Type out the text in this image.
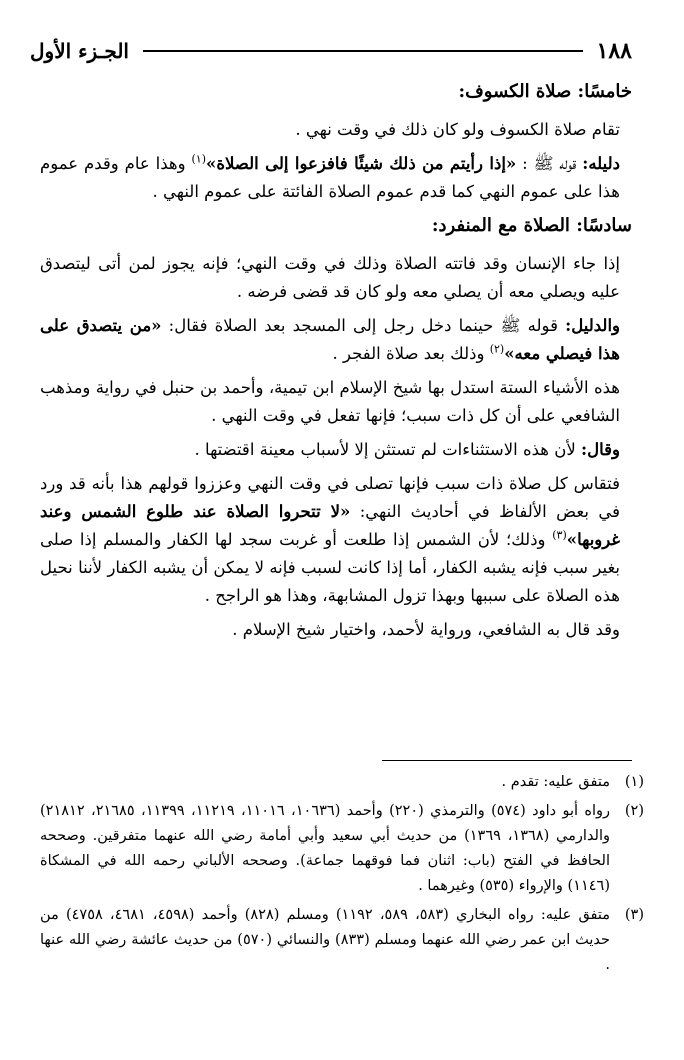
١٨٨
الجـزء الأول
خامسًا: صلاة الكسوف:

تقام صلاة الكسوف ولو كان ذلك في وقت نهي .

دليله: قوله ﷺ : «إذا رأيتم من ذلك شيئًا فافزعوا إلى الصلاة»$^{(١)}$ وهذا عام وقدم عموم هذا على عموم النهي كما قدم عموم الصلاة الفائتة على عموم النهي .

سادسًا: الصلاة مع المنفرد:

إذا جاء الإنسان وقد فاتته الصلاة وذلك في وقت النهي؛ فإنه يجوز لمن أتى ليتصدق عليه ويصلي معه أن يصلي معه ولو كان قد قضى فرضه .

والدليل: قوله ﷺ حينما دخل رجل إلى المسجد بعد الصلاة فقال: «من يتصدق على هذا فيصلي معه»$^{(٢)}$ وذلك بعد صلاة الفجر .

هذه الأشياء الستة استدل بها شيخ الإسلام ابن تيمية، وأحمد بن حنبل في رواية ومذهب الشافعي على أن كل ذات سبب؛ فإنها تفعل في وقت النهي .

وقال: لأن هذه الاستثناءات لم تستثن إلا لأسباب معينة اقتضتها .

فتقاس كل صلاة ذات سبب فإنها تصلى في وقت النهي وعززوا قولهم هذا بأنه قد ورد في بعض الألفاظ في أحاديث النهي: «لا تتحروا الصلاة عند طلوع الشمس وعند غروبها»$^{(٣)}$ وذلك؛ لأن الشمس إذا طلعت أو غربت سجد لها الكفار والمسلم إذا صلى بغير سبب فإنه يشبه الكفار، أما إذا كانت لسبب فإنه لا يمكن أن يشبه الكفار لأننا نحيل هذه الصلاة على سببها وبهذا تزول المشابهة، وهذا هو الراجح .

وقد قال به الشافعي، ورواية لأحمد، واختيار شيخ الإسلام .

(١)
متفق عليه: تقدم .
(٢)
رواه أبو داود (٥٧٤) والترمذي (٢٢٠) وأحمد (١٠٦٣٦، ١١٠١٦، ١١٢١٩، ١١٣٩٩، ٢١٦٨٥، ٢١٨١٢) والدارمي (١٣٦٨، ١٣٦٩) من حديث أبي سعيد وأبي أمامة رضي الله عنهما متفرقين. وصححه الحافظ في الفتح (باب: اثنان فما فوقهما جماعة). وصححه الألباني رحمه الله في المشكاة (١١٤٦) والإرواء (٥٣٥) وغيرهما .
(٣)
متفق عليه: رواه البخاري (٥٨٣، ٥٨٩، ١١٩٢) ومسلم (٨٢٨) وأحمد (٤٥٩٨، ٤٦٨١، ٤٧٥٨) من حديث ابن عمر رضي الله عنهما ومسلم (٨٣٣) والنسائي (٥٧٠) من حديث عائشة رضي الله عنها .
